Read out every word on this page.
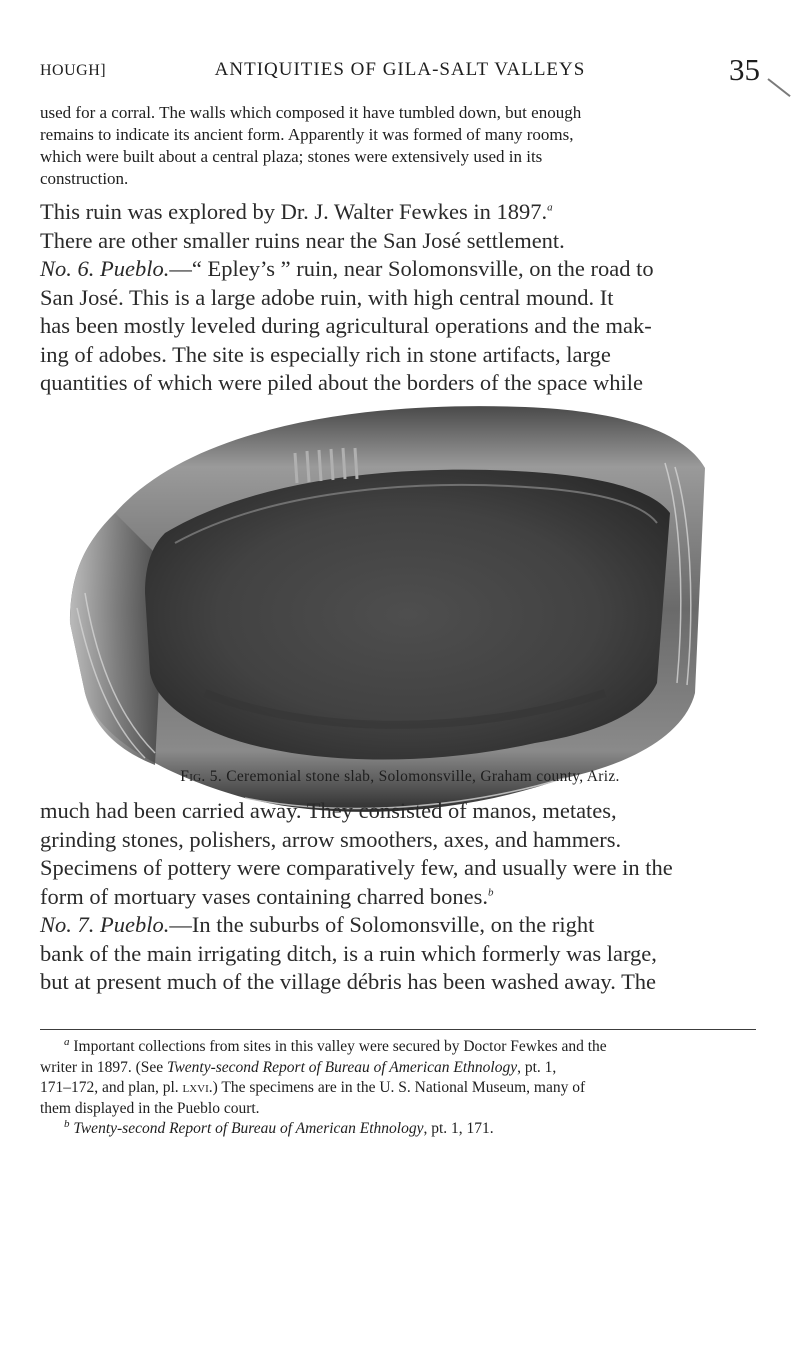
HOUGH]	ANTIQUITIES OF GILA-SALT VALLEYS	35
used for a corral. The walls which composed it have tumbled down, but enough
remains to indicate its ancient form. Apparently it was formed of many rooms,
which were built about a central plaza; stones were extensively used in its
construction.
This ruin was explored by Dr. J. Walter Fewkes in 1897.$^a$
There are other smaller ruins near the San José settlement.
No. 6. Pueblo.—“ Epley’s ” ruin, near Solomonsville, on the road to
San José. This is a large adobe ruin, with high central mound. It
has been mostly leveled during agricultural operations and the mak-
ing of adobes. The site is especially rich in stone artifacts, large
quantities of which were piled about the borders of the space while
Fig. 5. Ceremonial stone slab, Solomonsville, Graham county, Ariz.
much had been carried away. They consisted of manos, metates,
grinding stones, polishers, arrow smoothers, axes, and hammers.
Specimens of pottery were comparatively few, and usually were in the
form of mortuary vases containing charred bones.$^b$
No. 7. Pueblo.—In the suburbs of Solomonsville, on the right
bank of the main irrigating ditch, is a ruin which formerly was large,
but at present much of the village débris has been washed away. The
$^a$ Important collections from sites in this valley were secured by Doctor Fewkes and the
writer in 1897. (See Twenty-second Report of Bureau of American Ethnology, pt. 1,
171–172, and plan, pl. lxvi.) The specimens are in the U. S. National Museum, many of
them displayed in the Pueblo court.
$^b$ Twenty-second Report of Bureau of American Ethnology, pt. 1, 171.
